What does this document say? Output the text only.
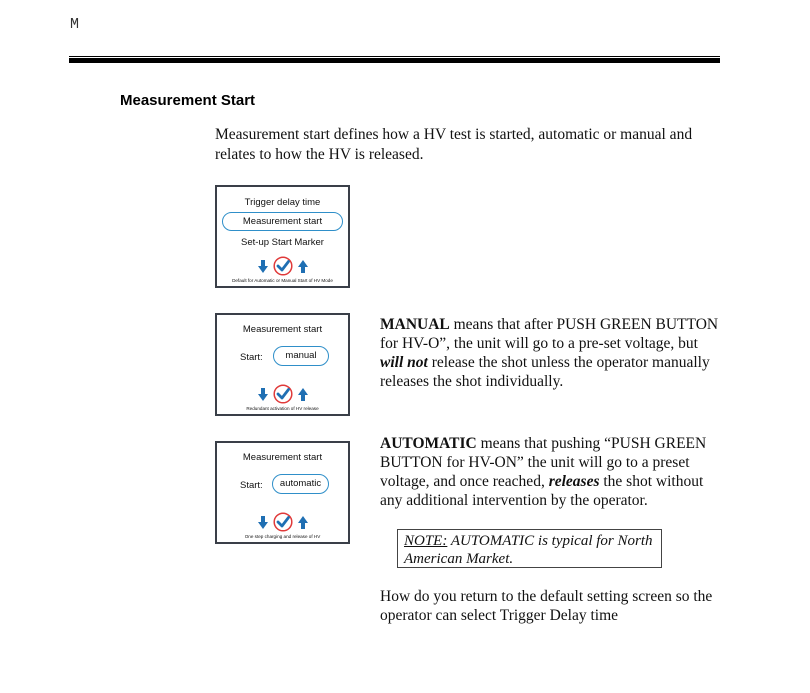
M
Measurement Start
Measurement start defines how a HV test is started, automatic or manual and relates to how the HV is released.
Trigger delay time
Measurement start
Set-up Start Marker
Default for Automatic or Manual Start of HV Mode
Measurement start
Start:	manual
Redundant activation of HV release
Measurement start
Start:	automatic
One step charging and release of HV
MANUAL means that after PUSH GREEN BUTTON for HV-O”, the unit will go to a pre-set voltage, but will not release the shot unless the operator manually releases the shot individually.
AUTOMATIC means that pushing “PUSH GREEN BUTTON for HV-ON” the unit will go to a preset voltage, and once reached, releases the shot without any additional intervention by the operator.
NOTE: AUTOMATIC is typical for North American Market.
How do you return to the default setting screen so the operator can select Trigger Delay time
